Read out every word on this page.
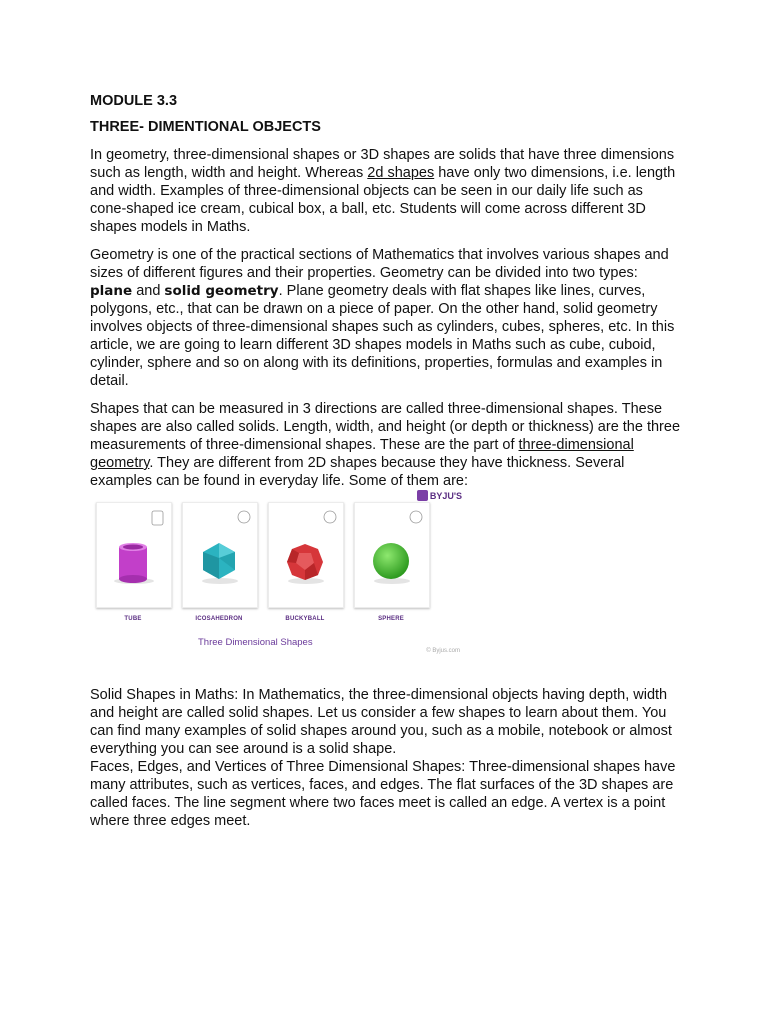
MODULE 3.3
THREE- DIMENTIONAL OBJECTS

In geometry, three-dimensional shapes or 3D shapes are solids that have three dimensions such as length, width and height. Whereas 2d shapes have only two dimensions, i.e. length and width. Examples of three-dimensional objects can be seen in our daily life such as cone-shaped ice cream, cubical box, a ball, etc. Students will come across different 3D shapes models in Maths.

Geometry is one of the practical sections of Mathematics that involves various shapes and sizes of different figures and their properties. Geometry can be divided into two types: plane and solid geometry. Plane geometry deals with flat shapes like lines, curves, polygons, etc., that can be drawn on a piece of paper. On the other hand, solid geometry involves objects of three-dimensional shapes such as cylinders, cubes, spheres, etc. In this article, we are going to learn different 3D shapes models in Maths such as cube, cuboid, cylinder, sphere and so on along with its definitions, properties, formulas and examples in detail.

Shapes that can be measured in 3 directions are called three-dimensional shapes. These shapes are also called solids. Length, width, and height (or depth or thickness) are the three measurements of three-dimensional shapes. These are the part of three-dimensional geometry. They are different from 2D shapes because they have thickness. Several examples can be found in everyday life. Some of them are:

BYJU'S
TUBE	ICOSAHEDRON	BUCKYBALL	SPHERE
Three Dimensional Shapes
© Byjus.com

Solid Shapes in Maths: In Mathematics, the three-dimensional objects having depth, width and height are called solid shapes. Let us consider a few shapes to learn about them. You can find many examples of solid shapes around you, such as a mobile, notebook or almost everything you can see around is a solid shape.

Faces, Edges, and Vertices of Three Dimensional Shapes: Three-dimensional shapes have many attributes, such as vertices, faces, and edges. The flat surfaces of the 3D shapes are called faces. The line segment where two faces meet is called an edge. A vertex is a point where three edges meet.
